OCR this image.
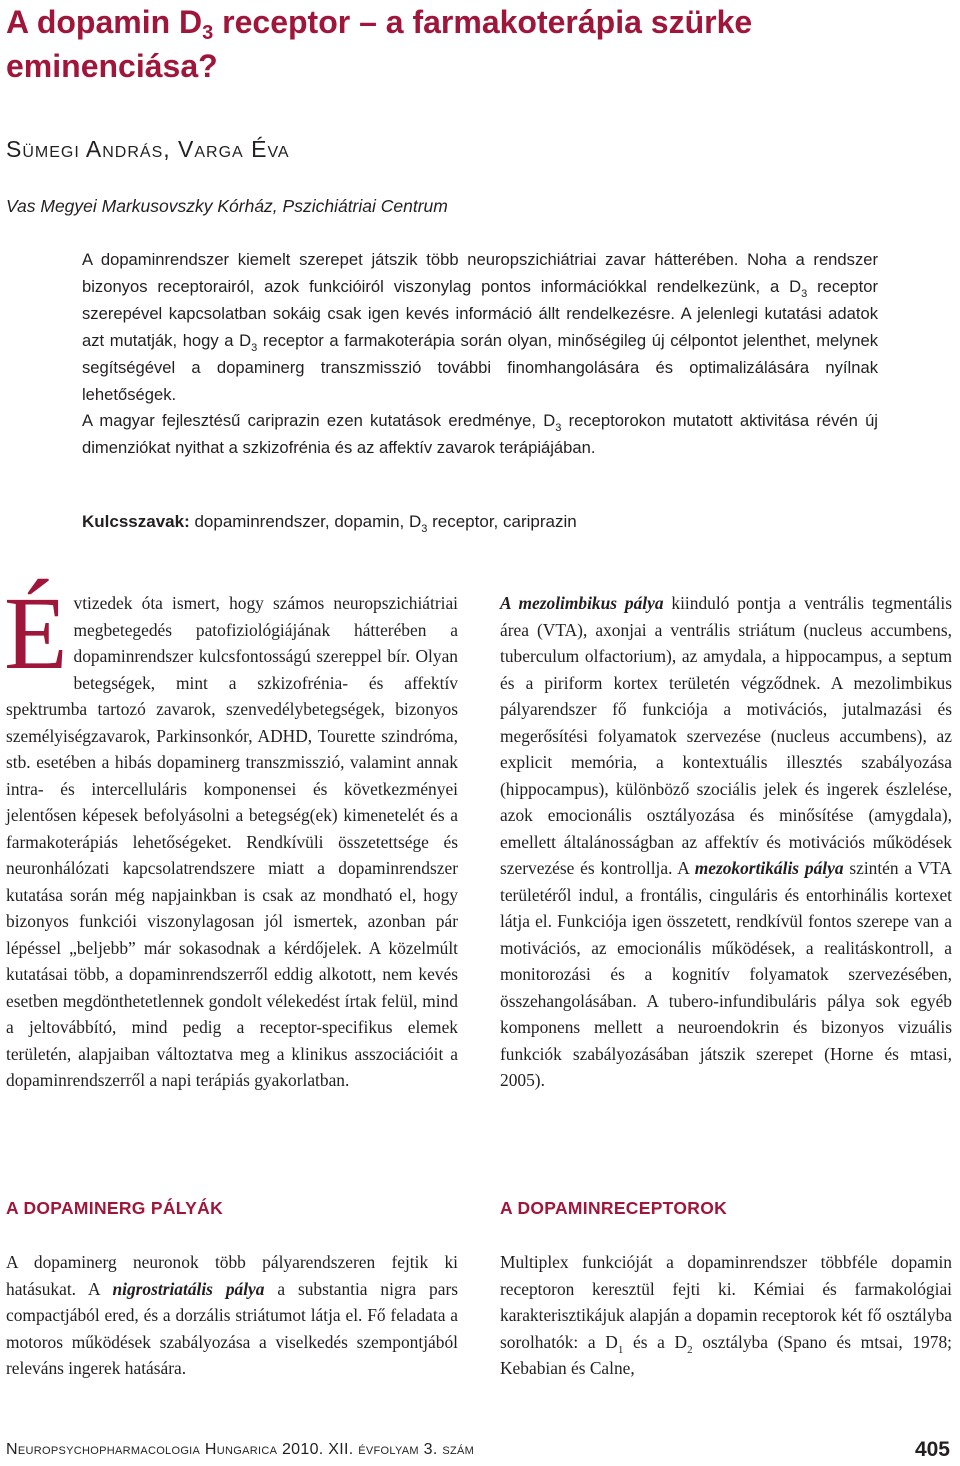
A dopamin $D_3$ receptor – a farmakoterápia szürke eminenciása?

Sümegi András, Varga Éva

Vas Megyei Markusovszky Kórház, Pszichiátriai Centrum

A dopaminrendszer kiemelt szerepet játszik több neuropszichiátriai zavar hátterében. Noha a rendszer bizonyos receptorairól, azok funkcióiról viszonylag pontos információkkal rendelkezünk, a $D_3$ receptor szerepével kapcsolatban sokáig csak igen kevés információ állt rendelkezésre. A jelenlegi kutatási adatok azt mutatják, hogy a $D_3$ receptor a farmakoterápia során olyan, minőségileg új célpontot jelenthet, melynek segítségével a dopaminerg transzmisszió további finomhangolására és optimalizálására nyílnak lehetőségek.

A magyar fejlesztésű cariprazin ezen kutatások eredménye, $D_3$ receptorokon mutatott aktivitása révén új dimenziókat nyithat a szkizofrénia és az affektív zavarok terápiájában.

Kulcsszavak: dopaminrendszer, dopamin, $D_3$ receptor, cariprazin

Évtizedek óta ismert, hogy számos neuropszichiátriai megbetegedés patofiziológiájának hátterében a dopaminrendszer kulcsfontosságú szereppel bír. Olyan betegségek, mint a szkizofrénia- és affektív spektrumba tartozó zavarok, szenvedélybetegségek, bizonyos személyiségzavarok, Parkinsonkór, ADHD, Tourette szindróma, stb. esetében a hibás dopaminerg transzmisszió, valamint annak intra- és intercelluláris komponensei és következményei jelentősen képesek befolyásolni a betegség(ek) kimenetelét és a farmakoterápiás lehetőségeket. Rendkívüli összetettsége és neuronhálózati kapcsolatrendszere miatt a dopaminrendszer kutatása során még napjainkban is csak az mondható el, hogy bizonyos funkciói viszonylagosan jól ismertek, azonban pár lépéssel „beljebb” már sokasodnak a kérdőjelek. A közelmúlt kutatásai több, a dopaminrendszerről eddig alkotott, nem kevés esetben megdönthetetlennek gondolt vélekedést írtak felül, mind a jeltovábbító, mind pedig a receptor-specifikus elemek területén, alapjaiban változtatva meg a klinikus asszociációit a dopaminrendszerről a napi terápiás gyakorlatban.

A mezolimbikus pálya kiinduló pontja a ventrális tegmentális área (VTA), axonjai a ventrális striátum (nucleus accumbens, tuberculum olfactorium), az amydala, a hippocampus, a septum és a piriform kortex területén végződnek. A mezolimbikus pályarendszer fő funkciója a motivációs, jutalmazási és megerősítési folyamatok szervezése (nucleus accumbens), az explicit memória, a kontextuális illesztés szabályozása (hippocampus), különböző szociális jelek és ingerek észlelése, azok emocionális osztályozása és minősítése (amygdala), emellett általánosságban az affektív és motivációs működések szervezése és kontrollja. A mezokortikális pálya szintén a VTA területéről indul, a frontális, cinguláris és entorhinális kortexet látja el. Funkciója igen összetett, rendkívül fontos szerepe van a motivációs, az emocionális működések, a realitáskontroll, a monitorozási és a kognitív folyamatok szervezésében, összehangolásában. A tubero-infundibuláris pálya sok egyéb komponens mellett a neuroendokrin és bizonyos vizuális funkciók szabályozásában játszik szerepet (Horne és mtasi, 2005).

A DOPAMINERG PÁLYÁK

A dopaminerg neuronok több pályarendszeren fejtik ki hatásukat. A nigrostriatális pálya a substantia nigra pars compactjából ered, és a dorzális striátumot látja el. Fő feladata a motoros működések szabályozása a viselkedés szempontjából releváns ingerek hatására.

A DOPAMINRECEPTOROK

Multiplex funkcióját a dopaminrendszer többféle dopamin receptoron keresztül fejti ki. Kémiai és farmakológiai karakterisztikájuk alapján a dopamin receptorok két fő osztályba sorolhatók: a $D_1$ és a $D_2$ osztályba (Spano és mtsai, 1978; Kebabian és Calne,

Neuropsychopharmacologia Hungarica 2010. XII. évfolyam 3. szám	405
